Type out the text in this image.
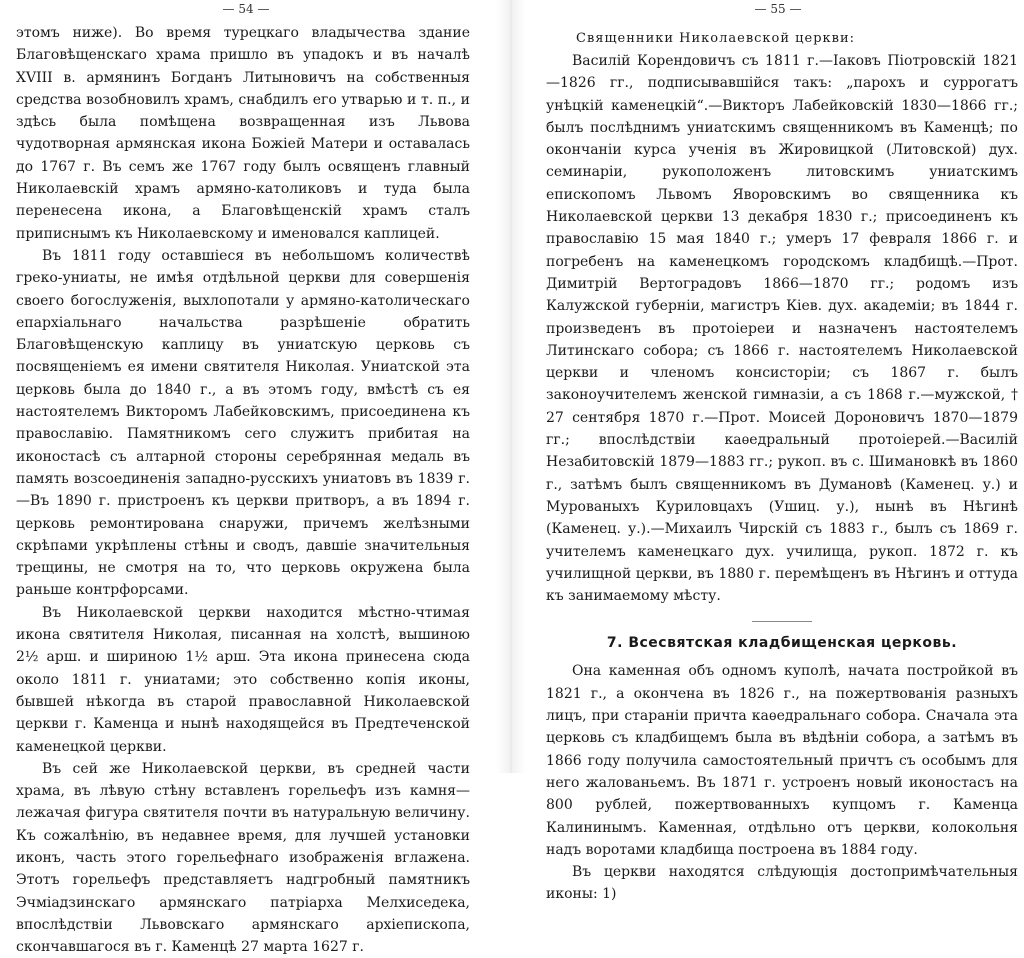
— 54 —

этомъ ниже). Во время турецкаго владычества здание Благовѣщенскаго храма пришло въ упадокъ и въ началѣ XVIII в. армянинъ Богданъ Литыновичъ на собственныя средства возобновилъ храмъ, снабдилъ его утварью и т. п., и здѣсь была помѣщена возвращенная изъ Львова чудотворная армянская икона Божiей Матери и оставалась до 1767 г. Въ семъ же 1767 году былъ освященъ главный Николаевскiй храмъ армяно-католиковъ и туда была перенесена икона, а Благовѣщенскiй храмъ сталъ приписнымъ къ Николаевскому и именовался каплицей.

Въ 1811 году оставшiеся въ небольшомъ количествѣ греко-униаты, не имѣя отдѣльной церкви для совершенiя своего богослуженiя, выхлопотали у армяно-католическаго епархiальнаго начальства разрѣшенiе обратить Благовѣщенскую каплицу въ униатскую церковь съ посвященiемъ ея имени святителя Николая. Униатской эта церковь была до 1840 г., а въ этомъ году, вмѣстѣ съ ея настоятелемъ Викторомъ Лабейковскимъ, присоединена къ православiю. Памятникомъ сего служитъ прибитая на иконостасѣ съ алтарной стороны серебрянная медаль въ память возсоединенiя западно-русскихъ униатовъ въ 1839 г.—Въ 1890 г. пристроенъ къ церкви притворъ, а въ 1894 г. церковь ремонтирована снаружи, причемъ желѣзными скрѣпами укрѣплены стѣны и сводъ, давшiе значительныя трещины, не смотря на то, что церковь окружена была раньше контрфорсами.

Въ Николаевской церкви находится мѣстно-чтимая икона святителя Николая, писанная на холстѣ, вышиною 2½ арш. и шириною 1½ арш. Эта икона принесена сюда около 1811 г. униатами; это собственно копiя иконы, бывшей нѣкогда въ старой православной Николаевской церкви г. Каменца и нынѣ находящейся въ Предтеченской каменецкой церкви.

Въ сей же Николаевской церкви, въ средней части храма, въ лѣвую стѣну вставленъ горельефъ изъ камня—лежачая фигура святителя почти въ натуральную величину. Къ сожалѣнiю, въ недавнее время, для лучшей установки иконъ, часть этого горельефнаго изображенiя вглажена. Этотъ горельефъ представляетъ надгробный памятникъ Эчмiадзинскаго армянскаго патрiарха Мелхиседека, впослѣдствiи Львовскаго армянскаго архiепископа, скончавшагося въ г. Каменцѣ 27 марта 1627 г.

— 55 —
Священники Николаевской церкви:

Василiй Корендовичъ съ 1811 г.—Iаковъ Пiотровскiй 1821—1826 гг., подписывавшiйся такъ: „парохъ и суррогатъ унѣцкiй каменецкiй“.—Викторъ Лабейковскiй 1830—1866 гг.; былъ послѣднимъ униатскимъ священникомъ въ Каменцѣ; по окончанiи курса ученiя въ Жировицкой (Литовской) дух. семинарiи, рукоположенъ литовскимъ униатскимъ епископомъ Львомъ Яворовскимъ во священника къ Николаевской церкви 13 декабря 1830 г.; присоединенъ къ православiю 15 мая 1840 г.; умеръ 17 февраля 1866 г. и погребенъ на каменецкомъ городскомъ кладбищѣ.—Прот. Димитрiй Вертоградовъ 1866—1870 гг.; родомъ изъ Калужской губернiи, магистръ Кiев. дух. академiи; въ 1844 г. произведенъ въ протоiереи и назначенъ настоятелемъ Литинскаго собора; съ 1866 г. настоятелемъ Николаевской церкви и членомъ консисторiи; съ 1867 г. былъ законоучителемъ женской гимназiи, а съ 1868 г.—мужской, † 27 сентября 1870 г.—Прот. Моисей Дороновичъ 1870—1879 гг.; впослѣдствiи каѳедральный протоiерей.—Василiй Незабитовскiй 1879—1883 гг.; рукоп. въ с. Шимановкѣ въ 1860 г., затѣмъ былъ священникомъ въ Думановѣ (Каменец. у.) и Мурованыхъ Куриловцахъ (Ушиц. у.), нынѣ въ Нѣгинѣ (Каменец. у.).—Михаилъ Чирскiй съ 1883 г., былъ съ 1869 г. учителемъ каменецкаго дух. училища, рукоп. 1872 г. къ училищной церкви, въ 1880 г. перемѣщенъ въ Нѣгинъ и оттуда къ занимаемому мѣсту.

7. Всесвятская кладбищенская церковь.

Она каменная объ одномъ куполѣ, начата постройкой въ 1821 г., а окончена въ 1826 г., на пожертвованiя разныхъ лицъ, при старанiи причта каѳедральнаго собора. Сначала эта церковь съ кладбищемъ была въ вѣдѣнiи собора, а затѣмъ въ 1866 году получила самостоятельный причтъ съ особымъ для него жалованьемъ. Въ 1871 г. устроенъ новый иконостасъ на 800 рублей, пожертвованныхъ купцомъ г. Каменца Калининымъ. Каменная, отдѣльно отъ церкви, колокольня надъ воротами кладбища построена въ 1884 году.

Въ церкви находятся слѣдующiя достопримѣчательныя иконы: 1)
